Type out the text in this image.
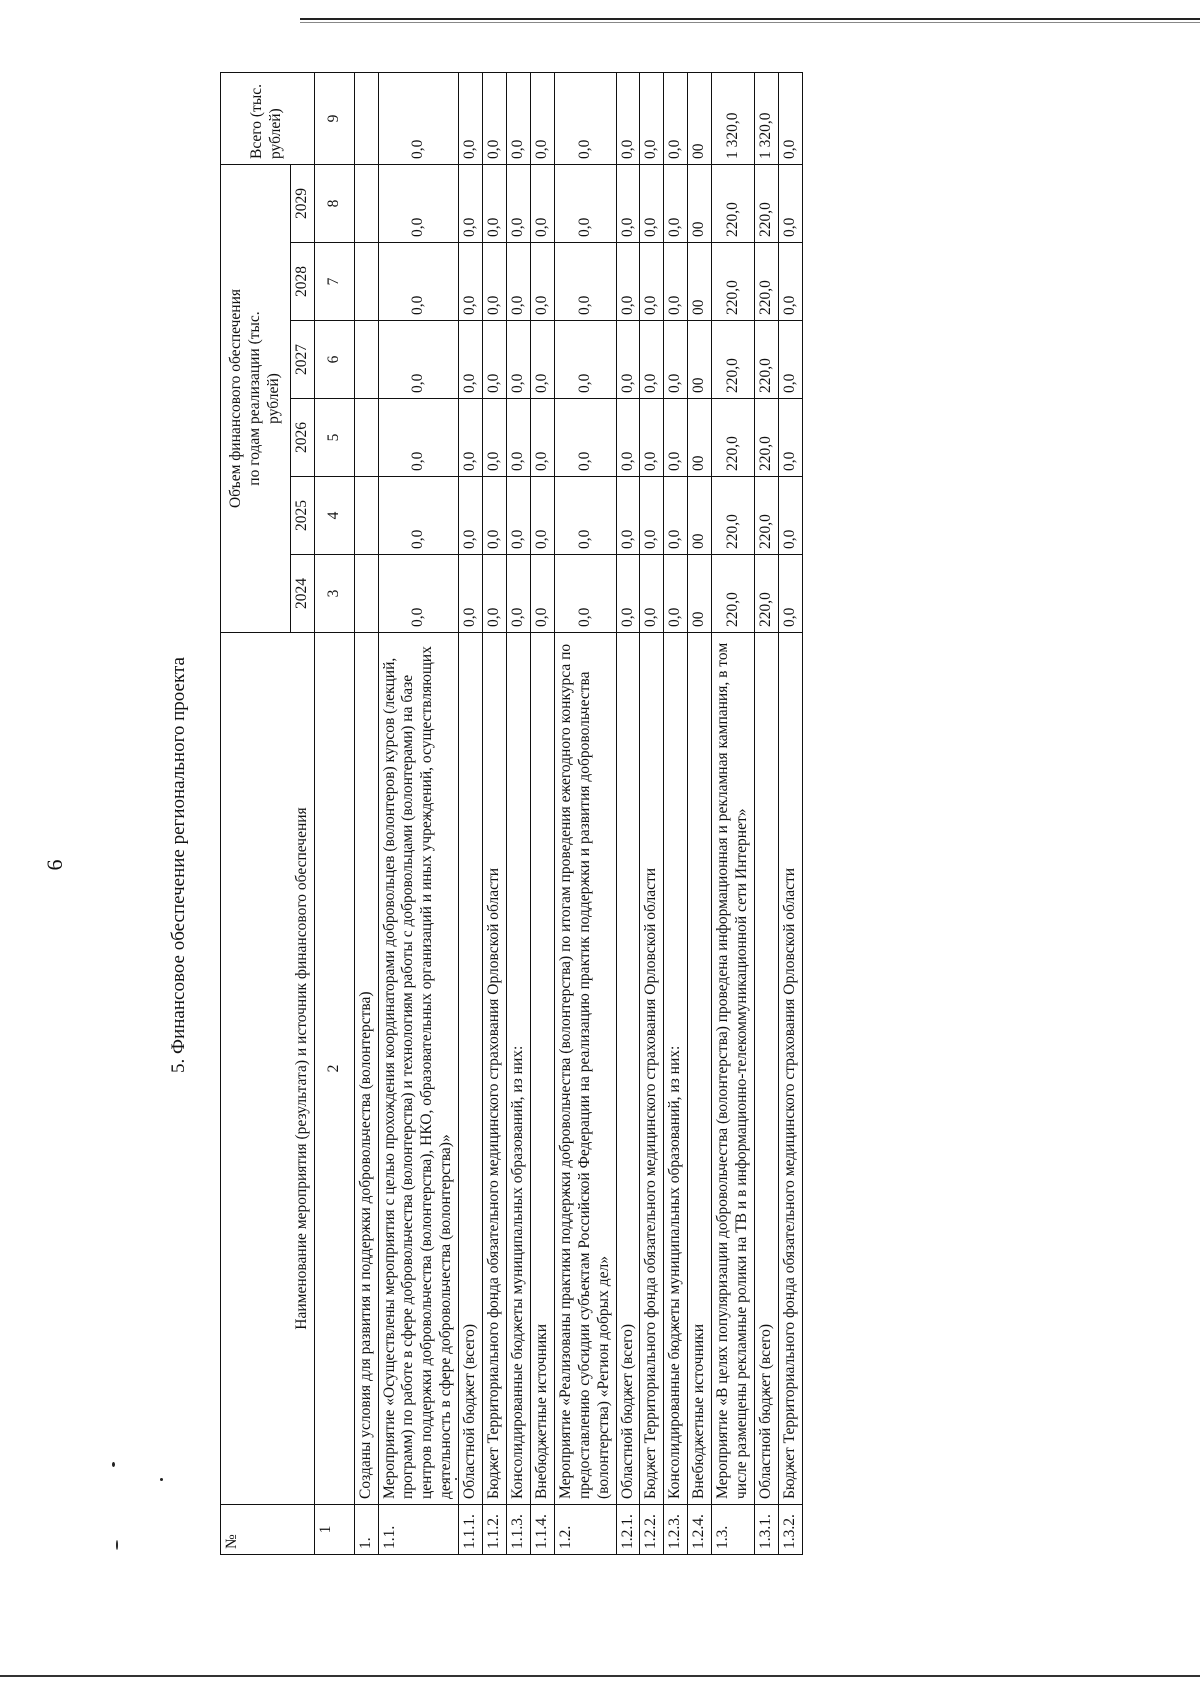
6	5. Финансовое обеспечение регионального проекта
№	Наименование мероприятия (результата) и источник финансового обеспечения	Объем финансового обеспечения по годам реализации (тыс. рублей)						Всего (тыс. рублей)
		2024	2025	2026	2027	2028	2029	
1	2	3	4	5	6	7	8	9
1.	Созданы условия для развития и поддержки добровольчества (волонтерства)							
1.1.	Мероприятие «Осуществлены мероприятия с целью прохождения координаторами добровольцев (волонтеров) курсов (лекций, программ) по работе в сфере добровольчества (волонтерства) и технологиям работы с добровольцами (волонтерами) на базе центров поддержки добровольчества (волонтерства), НКО, образовательных организаций и иных учреждений, осуществляющих деятельность в сфере добровольчества (волонтерства)»	0,0	0,0	0,0	0,0	0,0	0,0	0,0
1.1.1.	Областной бюджет (всего)	0,0	0,0	0,0	0,0	0,0	0,0	0,0
1.1.2.	Бюджет Территориального фонда обязательного медицинского страхования Орловской области	0,0	0,0	0,0	0,0	0,0	0,0	0,0
1.1.3.	Консолидированные бюджеты муниципальных образований, из них:	0,0	0,0	0,0	0,0	0,0	0,0	0,0
1.1.4.	Внебюджетные источники	0,0	0,0	0,0	0,0	0,0	0,0	0,0
1.2.	Мероприятие «Реализованы практики поддержки добровольчества (волонтерства) по итогам проведения ежегодного конкурса по предоставлению субсидии субъектам Российской Федерации на реализацию практик поддержки и развития добровольчества (волонтерства) «Регион добрых дел»	0,0	0,0	0,0	0,0	0,0	0,0	0,0
1.2.1.	Областной бюджет (всего)	0,0	0,0	0,0	0,0	0,0	0,0	0,0
1.2.2.	Бюджет Территориального фонда обязательного медицинского страхования Орловской области	0,0	0,0	0,0	0,0	0,0	0,0	0,0
1.2.3.	Консолидированные бюджеты муниципальных образований, из них:	0,0	0,0	0,0	0,0	0,0	0,0	0,0
1.2.4.	Внебюджетные источники	00	00	00	00	00	00	00
1.3.	Мероприятие «В целях популяризации добровольчества (волонтерства) проведена информационная и рекламная кампания, в том числе размещены рекламные ролики на ТВ и в информационно-телекоммуникационной сети Интернет»	220,0	220,0	220,0	220,0	220,0	220,0	1 320,0
1.3.1.	Областной бюджет (всего)	220,0	220,0	220,0	220,0	220,0	220,0	1 320,0
1.3.2.	Бюджет Территориального фонда обязательного медицинского страхования Орловской области	0,0	0,0	0,0	0,0	0,0	0,0	0,0
